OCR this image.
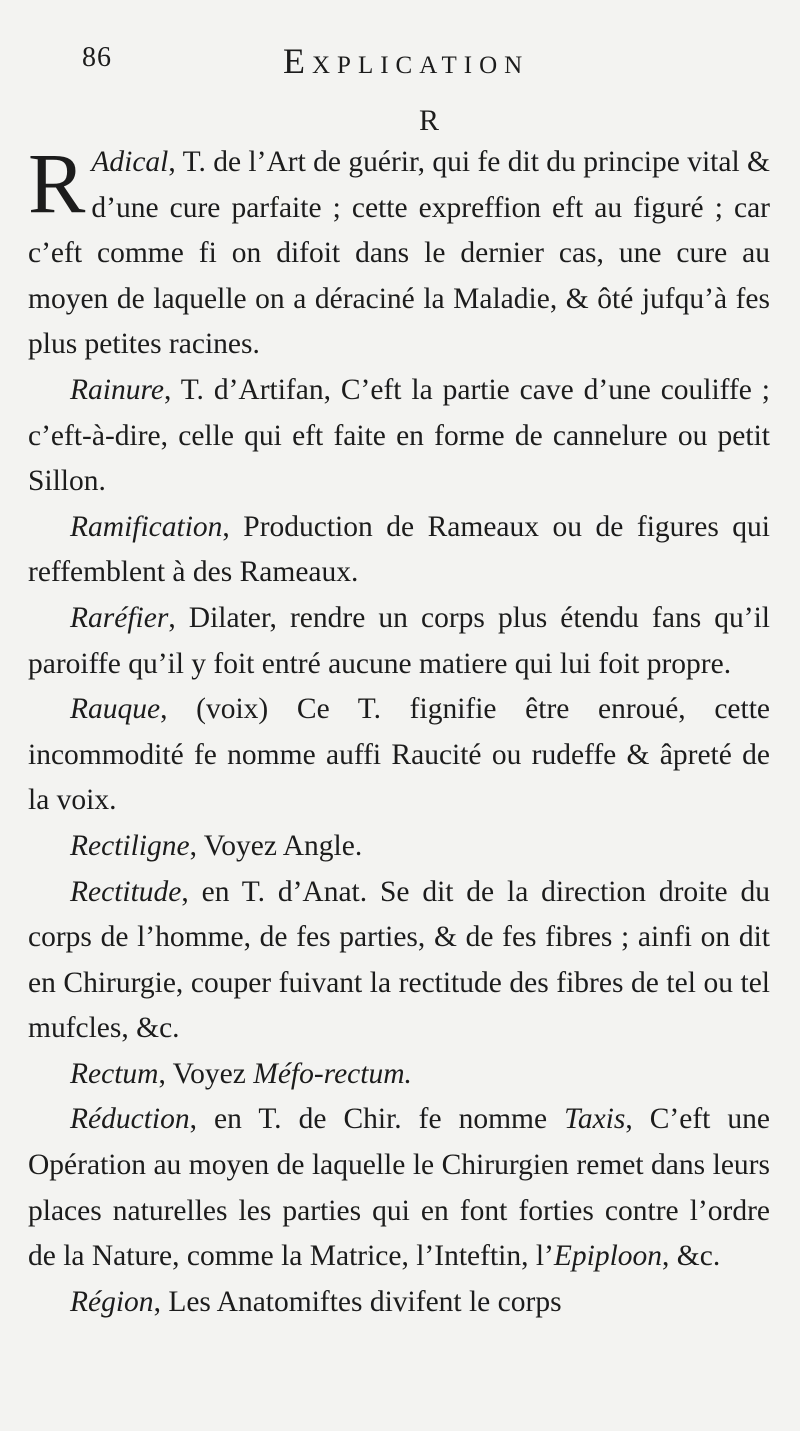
86	Explication
R

R Adical, T. de l’Art de guérir, qui fe dit du principe vital & d’une cure parfaite ; cette expreffion eft au figuré ; car c’eft comme fi on difoit dans le dernier cas, une cure au moyen de laquelle on a déraciné la Maladie, & ôté jufqu’à fes plus petites racines.

Rainure, T. d’Artifan, C’eft la partie cave d’une couliffe ; c’eft-à-dire, celle qui eft faite en forme de cannelure ou petit Sillon.

Ramification, Production de Rameaux ou de figures qui reffemblent à des Rameaux.

Raréfier, Dilater, rendre un corps plus étendu fans qu’il paroiffe qu’il y foit entré aucune matiere qui lui foit propre.

Rauque, (voix) Ce T. fignifie être enroué, cette incommodité fe nomme auffi Raucité ou rudeffe & âpreté de la voix.

Rectiligne, Voyez Angle.

Rectitude, en T. d’Anat. Se dit de la direction droite du corps de l’homme, de fes parties, & de fes fibres ; ainfi on dit en Chirurgie, couper fuivant la rectitude des fibres de tel ou tel mufcles, &c.

Rectum, Voyez Méfo-rectum.

Réduction, en T. de Chir. fe nomme Taxis, C’eft une Opération au moyen de laquelle le Chirurgien remet dans leurs places naturelles les parties qui en font forties contre l’ordre de la Nature, comme la Matrice, l’Inteftin, l’Epiploon, &c.

Région, Les Anatomiftes divifent le corps
